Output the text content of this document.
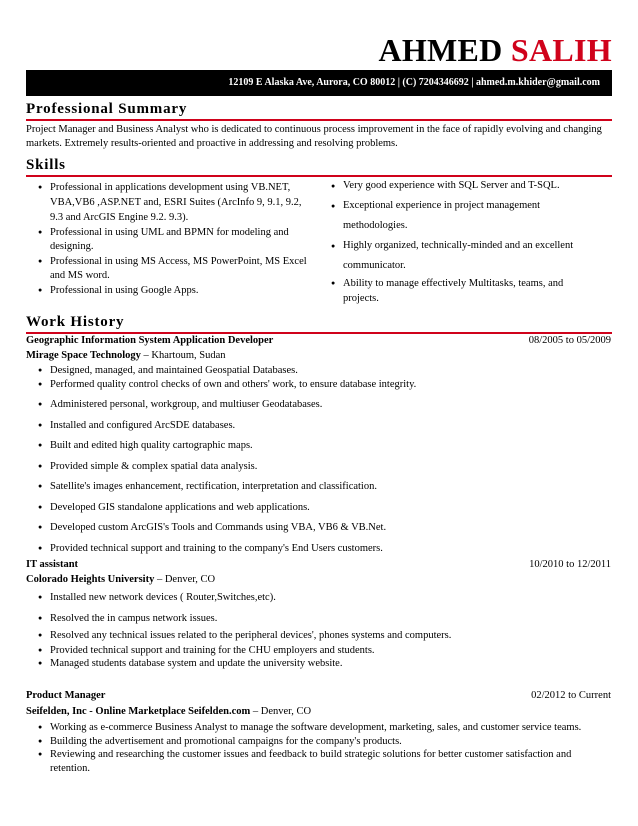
AHMED SALIH
12109 E Alaska Ave, Aurora, CO 80012 | (C) 7204346692 | ahmed.m.khider@gmail.com
Professional Summary
Project Manager and Business Analyst who is dedicated to continuous process improvement in the face of rapidly evolving and changing markets. Extremely results-oriented and proactive in addressing and resolving problems.
Skills
● Professional in applications development using VB.NET, VBA,VB6 ,ASP.NET and, ESRI Suites (ArcInfo 9, 9.1, 9.2, 9.3 and ArcGIS Engine 9.2. 9.3).
● Professional in using UML and BPMN for modeling and designing.
● Professional in using MS Access, MS PowerPoint, MS Excel and MS word.
● Professional in using Google Apps.
● Very good experience with SQL Server and T-SQL.
● Exceptional experience in project management methodologies.
● Highly organized, technically-minded and an excellent communicator.
● Ability to manage effectively Multitasks, teams, and projects.
Work History
Geographic Information System Application Developer	08/2005 to 05/2009
Mirage Space Technology – Khartoum, Sudan
● Designed, managed, and maintained Geospatial Databases.
● Performed quality control checks of own and others' work, to ensure database integrity.
● Administered personal, workgroup, and multiuser Geodatabases.
● Installed and configured ArcSDE databases.
● Built and edited high quality cartographic maps.
● Provided simple & complex spatial data analysis.
● Satellite's images enhancement, rectification, interpretation and classification.
● Developed GIS standalone applications and web applications.
● Developed custom ArcGIS's Tools and Commands using VBA, VB6 & VB.Net.
● Provided technical support and training to the company's End Users customers.
IT assistant	10/2010 to 12/2011
Colorado Heights University – Denver, CO
● Installed new network devices ( Router,Switches,etc).
● Resolved the in campus network issues.
● Resolved any technical issues related to the peripheral devices', phones systems and computers.
● Provided technical support and training for the CHU employers and students.
● Managed students database system and update the university website.
Product Manager	02/2012 to Current
Seifelden, Inc - Online Marketplace Seifelden.com – Denver, CO
● Working as e-commerce Business Analyst to manage the software development, marketing, sales, and customer service teams.
● Building the advertisement and promotional campaigns for the company's products.
● Reviewing and researching the customer issues and feedback to build strategic solutions for better customer satisfaction and retention.
